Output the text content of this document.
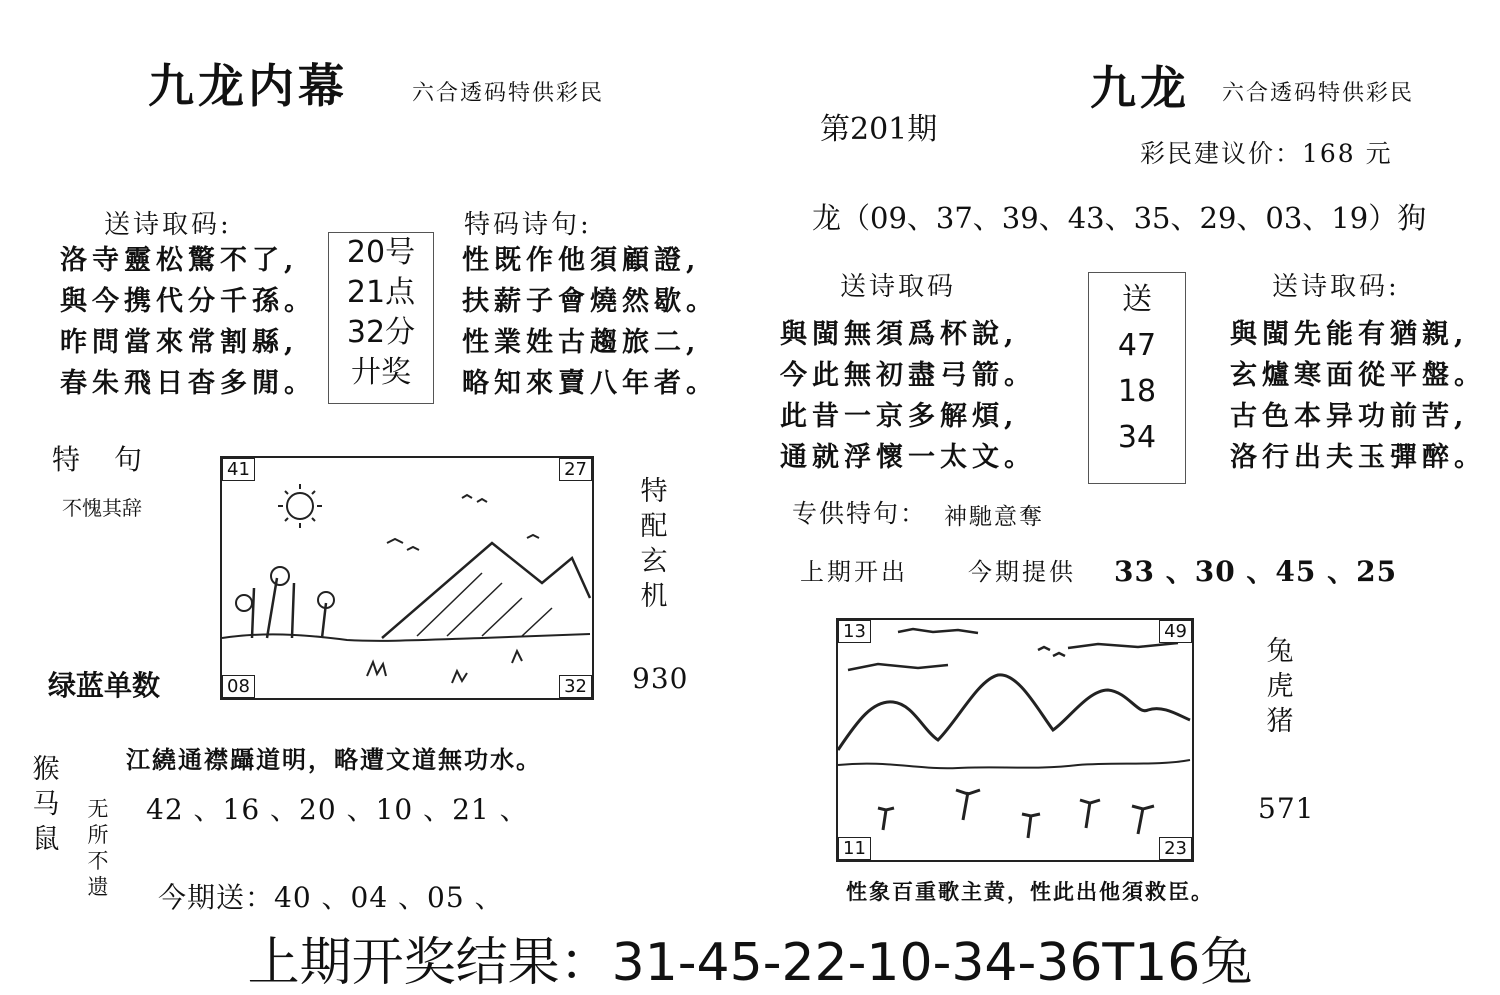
九龙内幕	六合透码特供彩民
送诗取码:
洛寺靈松驚不了,
與今携代分千孫。
昨問當來常割縣,
春朱飛日杳多閒。
20号
21点
32分
廾奖
特码诗句:
性既作他須顧證,
扶薪子會燒然歇。
性業姓古趨旅二,
略知來賣八年者。
特　句
不愧其辞
41	27
08	32
特
配
玄
机
绿蓝单数	930
江繞通襟躡道明，略遭文道無功水。
猴
马
鼠
无
所
不
遗
42 、16 、20 、10 、21 、
今期送：40 、04 、05 、
第201期
九龙 六合透码特供彩民
彩民建议价：168 元
龙（09、37、39、43、35、29、03、19）狗
送诗取码
與閩無須爲杯說,
今此無初盡弓箭。
此昔一京多解煩,
通就浮懷一太文。
送
47
18
34
送诗取码:
與閩先能有猶親,
玄爐寒面從平盤。
古色本异功前苦,
洛行出夫玉彈醉。
专供特句： 神馳意奪
上期开出	今期提供 33 、30 、45 、25
13	49
11	23
兔
虎
猪
571
性象百重歌主黄，性此出他須救臣。
上期开奖结果：31-45-22-10-34-36T16兔
